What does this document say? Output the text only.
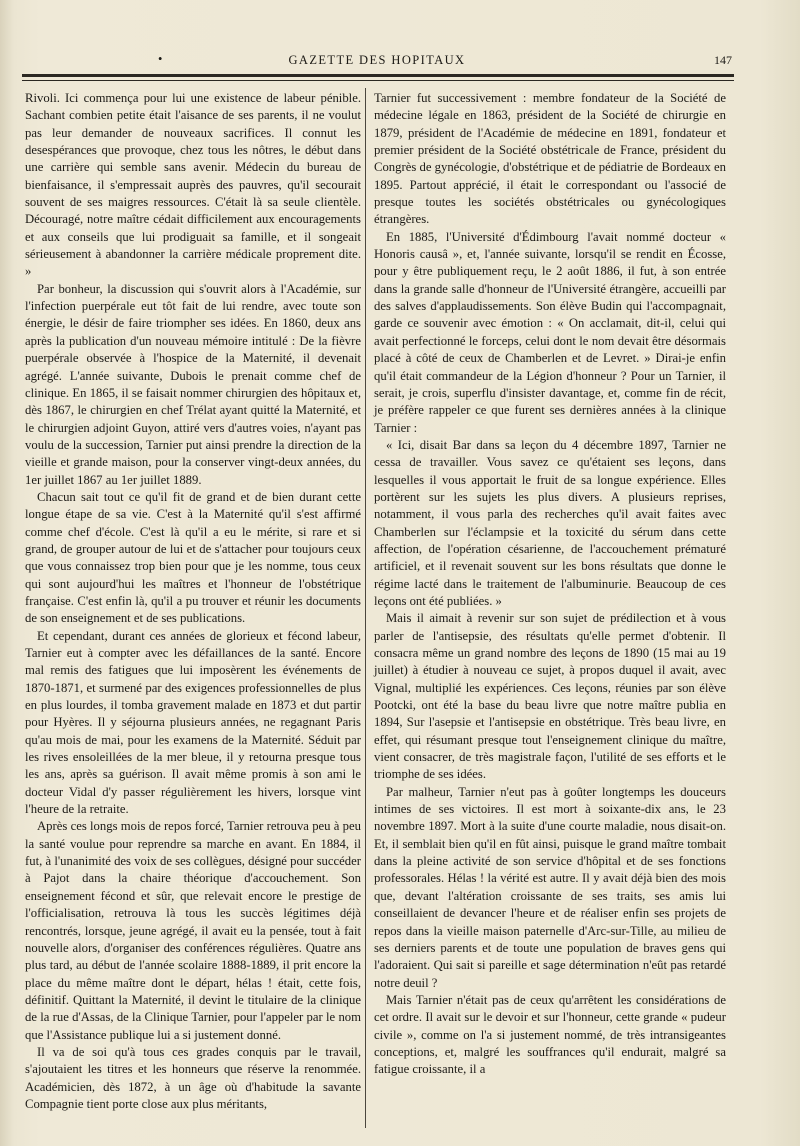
•	GAZETTE DES HOPITAUX	147

Rivoli. Ici commença pour lui une existence de labeur pénible. Sachant combien petite était l'aisance de ses parents, il ne voulut pas leur demander de nouveaux sacrifices. Il connut les desespérances que provoque, chez tous les nôtres, le début dans une carrière qui semble sans avenir. Médecin du bureau de bienfaisance, il s'empressait auprès des pauvres, qu'il secourait souvent de ses maigres ressources. C'était là sa seule clientèle. Découragé, notre maître cédait difficilement aux encouragements et aux conseils que lui prodiguait sa famille, et il songeait sérieusement à abandonner la carrière médicale proprement dite. »

Par bonheur, la discussion qui s'ouvrit alors à l'Académie, sur l'infection puerpérale eut tôt fait de lui rendre, avec toute son énergie, le désir de faire triompher ses idées. En 1860, deux ans après la publication d'un nouveau mémoire intitulé : De la fièvre puerpérale observée à l'hospice de la Maternité, il devenait agrégé. L'année suivante, Dubois le prenait comme chef de clinique. En 1865, il se faisait nommer chirurgien des hôpitaux et, dès 1867, le chirurgien en chef Trélat ayant quitté la Maternité, et le chirurgien adjoint Guyon, attiré vers d'autres voies, n'ayant pas voulu de la succession, Tarnier put ainsi prendre la direction de la vieille et grande maison, pour la conserver vingt-deux années, du 1er juillet 1867 au 1er juillet 1889.

Chacun sait tout ce qu'il fit de grand et de bien durant cette longue étape de sa vie. C'est à la Maternité qu'il s'est affirmé comme chef d'école. C'est là qu'il a eu le mérite, si rare et si grand, de grouper autour de lui et de s'attacher pour toujours ceux que vous connaissez trop bien pour que je les nomme, tous ceux qui sont aujourd'hui les maîtres et l'honneur de l'obstétrique française. C'est enfin là, qu'il a pu trouver et réunir les documents de son enseignement et de ses publications.

Et cependant, durant ces années de glorieux et fécond labeur, Tarnier eut à compter avec les défaillances de la santé. Encore mal remis des fatigues que lui imposèrent les événements de 1870-1871, et surmené par des exigences professionnelles de plus en plus lourdes, il tomba gravement malade en 1873 et dut partir pour Hyères. Il y séjourna plusieurs années, ne regagnant Paris qu'au mois de mai, pour les examens de la Maternité. Séduit par les rives ensoleillées de la mer bleue, il y retourna presque tous les ans, après sa guérison. Il avait même promis à son ami le docteur Vidal d'y passer régulièrement les hivers, lorsque vint l'heure de la retraite.

Après ces longs mois de repos forcé, Tarnier retrouva peu à peu la santé voulue pour reprendre sa marche en avant. En 1884, il fut, à l'unanimité des voix de ses collègues, désigné pour succéder à Pajot dans la chaire théorique d'accouchement. Son enseignement fécond et sûr, que relevait encore le prestige de l'officialisation, retrouva là tous les succès légitimes déjà rencontrés, lorsque, jeune agrégé, il avait eu la pensée, tout à fait nouvelle alors, d'organiser des conférences régulières. Quatre ans plus tard, au début de l'année scolaire 1888-1889, il prit encore la place du même maître dont le départ, hélas ! était, cette fois, définitif. Quittant la Maternité, il devint le titulaire de la clinique de la rue d'Assas, de la Clinique Tarnier, pour l'appeler par le nom que l'Assistance publique lui a si justement donné.

Il va de soi qu'à tous ces grades conquis par le travail, s'ajoutaient les titres et les honneurs que réserve la renommée. Académicien, dès 1872, à un âge où d'habitude la savante Compagnie tient porte close aux plus méritants,

Tarnier fut successivement : membre fondateur de la Société de médecine légale en 1863, président de la Société de chirurgie en 1879, président de l'Académie de médecine en 1891, fondateur et premier président de la Société obstétricale de France, président du Congrès de gynécologie, d'obstétrique et de pédiatrie de Bordeaux en 1895. Partout apprécié, il était le correspondant ou l'associé de presque toutes les sociétés obstétricales ou gynécologiques étrangères.

En 1885, l'Université d'Édimbourg l'avait nommé docteur « Honoris causâ », et, l'année suivante, lorsqu'il se rendit en Écosse, pour y être publiquement reçu, le 2 août 1886, il fut, à son entrée dans la grande salle d'honneur de l'Université étrangère, accueilli par des salves d'applaudissements. Son élève Budin qui l'accompagnait, garde ce souvenir avec émotion : « On acclamait, dit-il, celui qui avait perfectionné le forceps, celui dont le nom devait être désormais placé à côté de ceux de Chamberlen et de Levret. » Dirai-je enfin qu'il était commandeur de la Légion d'honneur ? Pour un Tarnier, il serait, je crois, superflu d'insister davantage, et, comme fin de récit, je préfère rappeler ce que furent ses dernières années à la clinique Tarnier :

« Ici, disait Bar dans sa leçon du 4 décembre 1897, Tarnier ne cessa de travailler. Vous savez ce qu'étaient ses leçons, dans lesquelles il vous apportait le fruit de sa longue expérience. Elles portèrent sur les sujets les plus divers. A plusieurs reprises, notamment, il vous parla des recherches qu'il avait faites avec Chamberlen sur l'éclampsie et la toxicité du sérum dans cette affection, de l'opération césarienne, de l'accouchement prématuré artificiel, et il revenait souvent sur les bons résultats que donne le régime lacté dans le traitement de l'albuminurie. Beaucoup de ces leçons ont été publiées. »

Mais il aimait à revenir sur son sujet de prédilection et à vous parler de l'antisepsie, des résultats qu'elle permet d'obtenir. Il consacra même un grand nombre des leçons de 1890 (15 mai au 19 juillet) à étudier à nouveau ce sujet, à propos duquel il avait, avec Vignal, multiplié les expériences. Ces leçons, réunies par son élève Pootcki, ont été la base du beau livre que notre maître publia en 1894, Sur l'asepsie et l'antisepsie en obstétrique. Très beau livre, en effet, qui résumant presque tout l'enseignement clinique du maître, vient consacrer, de très magistrale façon, l'utilité de ses efforts et le triomphe de ses idées.

Par malheur, Tarnier n'eut pas à goûter longtemps les douceurs intimes de ses victoires. Il est mort à soixante-dix ans, le 23 novembre 1897. Mort à la suite d'une courte maladie, nous disait-on. Et, il semblait bien qu'il en fût ainsi, puisque le grand maître tombait dans la pleine activité de son service d'hôpital et de ses fonctions professorales. Hélas ! la vérité est autre. Il y avait déjà bien des mois que, devant l'altération croissante de ses traits, ses amis lui conseillaient de devancer l'heure et de réaliser enfin ses projets de repos dans la vieille maison paternelle d'Arc-sur-Tille, au milieu de ses derniers parents et de toute une population de braves gens qui l'adoraient. Qui sait si pareille et sage détermination n'eût pas retardé notre deuil ?

Mais Tarnier n'était pas de ceux qu'arrêtent les considérations de cet ordre. Il avait sur le devoir et sur l'honneur, cette grande « pudeur civile », comme on l'a si justement nommé, de très intransigeantes conceptions, et, malgré les souffrances qu'il endurait, malgré sa fatigue croissante, il a
